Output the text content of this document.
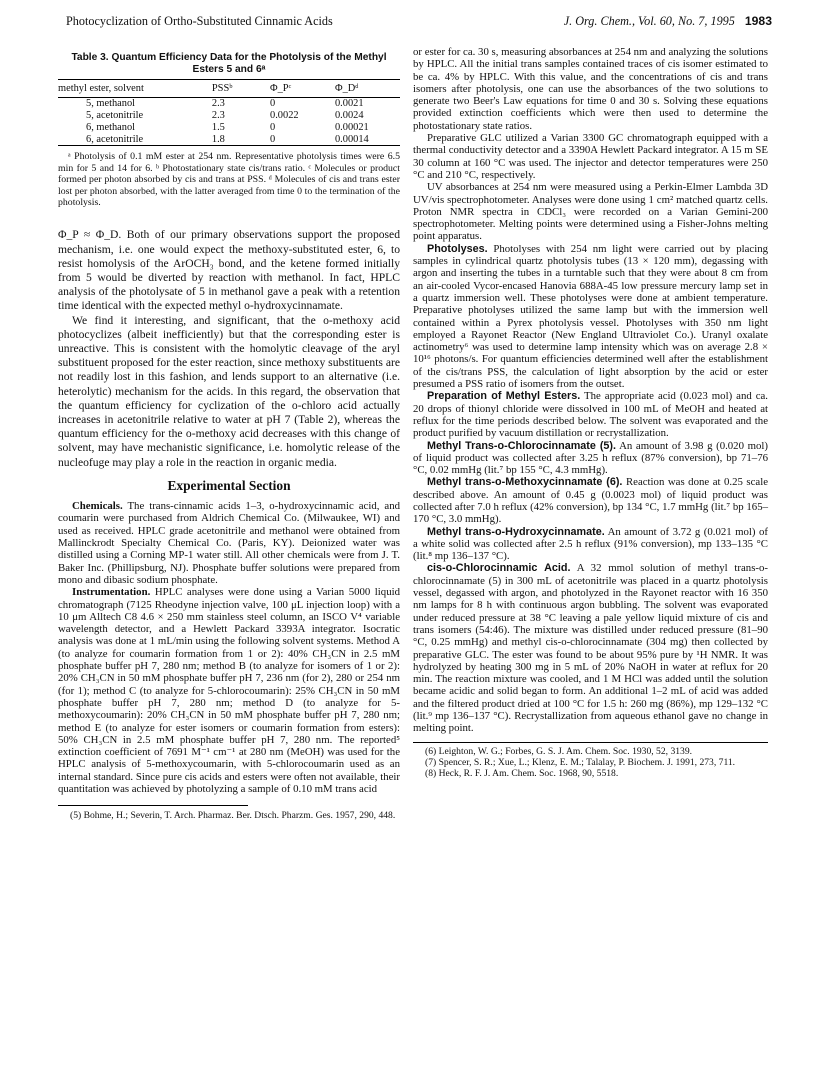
Photocyclization of Ortho-Substituted Cinnamic Acids	J. Org. Chem., Vol. 60, No. 7, 1995 1983
Table 3. Quantum Efficiency Data for the Photolysis of the Methyl Esters 5 and 6ᵃ
methyl ester, solvent	PSSᵇ	Φ_Pᶜ	Φ_Dᵈ
5, methanol	2.3	0	0.0021
5, acetonitrile	2.3	0.0022	0.0024
6, methanol	1.5	0	0.00021
6, acetonitrile	1.8	0	0.00014

ᵃ Photolysis of 0.1 mM ester at 254 nm. Representative photolysis times were 6.5 min for 5 and 14 for 6. ᵇ Photostationary state cis/trans ratio. ᶜ Molecules or product formed per photon absorbed by cis and trans at PSS. ᵈ Molecules of cis and trans ester lost per photon absorbed, with the latter averaged from time 0 to the termination of the photolysis.

Φ_P ≈ Φ_D. Both of our primary observations support the proposed mechanism, i.e. one would expect the methoxy-substituted ester, 6, to resist homolysis of the ArOCH₃ bond, and the ketene formed initially from 5 would be diverted by reaction with methanol. In fact, HPLC analysis of the photolysate of 5 in methanol gave a peak with a retention time identical with the expected methyl o-hydroxycinnamate.

We find it interesting, and significant, that the o-methoxy acid photocyclizes (albeit inefficiently) but that the corresponding ester is unreactive. This is consistent with the homolytic cleavage of the aryl substituent proposed for the ester reaction, since methoxy substituents are not readily lost in this fashion, and lends support to an alternative (i.e. heterolytic) mechanism for the acids. In this regard, the observation that the quantum efficiency for cyclization of the o-chloro acid actually increases in acetonitrile relative to water at pH 7 (Table 2), whereas the quantum efficiency for the o-methoxy acid decreases with this change of solvent, may have mechanistic significance, i.e. homolytic release of the nucleofuge may play a role in the reaction in organic media.

Experimental Section

Chemicals. The trans-cinnamic acids 1–3, o-hydroxycinnamic acid, and coumarin were purchased from Aldrich Chemical Co. (Milwaukee, WI) and used as received. HPLC grade acetonitrile and methanol were obtained from Mallinckrodt Specialty Chemical Co. (Paris, KY). Deionized water was distilled using a Corning MP-1 water still. All other chemicals were from J. T. Baker Inc. (Phillipsburg, NJ). Phosphate buffer solutions were prepared from mono and dibasic sodium phosphate.

Instrumentation. HPLC analyses were done using a Varian 5000 liquid chromatograph (7125 Rheodyne injection valve, 100 μL injection loop) with a 10 μm Alltech C8 4.6 × 250 mm stainless steel column, an ISCO V⁴ variable wavelength detector, and a Hewlett Packard 3393A integrator. Isocratic analysis was done at 1 mL/min using the following solvent systems. Method A (to analyze for coumarin formation from 1 or 2): 40% CH₃CN in 2.5 mM phosphate buffer pH 7, 280 nm; method B (to analyze for isomers of 1 or 2): 20% CH₃CN in 50 mM phosphate buffer pH 7, 236 nm (for 2), 280 or 254 nm (for 1); method C (to analyze for 5-chlorocoumarin): 25% CH₃CN in 50 mM phosphate buffer pH 7, 280 nm; method D (to analyze for 5-methoxycoumarin): 20% CH₃CN in 50 mM phosphate buffer pH 7, 280 nm; method E (to analyze for ester isomers or coumarin formation from esters): 50% CH₃CN in 2.5 mM phosphate buffer pH 7, 280 nm. The reported⁵ extinction coefficient of 7691 M⁻¹ cm⁻¹ at 280 nm (MeOH) was used for the HPLC analysis of 5-methoxycoumarin, with 5-chlorocoumarin used as an internal standard. Since pure cis acids and esters were often not available, their quantitation was achieved by photolyzing a sample of 0.10 mM trans acid

(5) Bohme, H.; Severin, T. Arch. Pharmaz. Ber. Dtsch. Pharzm. Ges. 1957, 290, 448.

or ester for ca. 30 s, measuring absorbances at 254 nm and analyzing the solutions by HPLC. All the initial trans samples contained traces of cis isomer estimated to be ca. 4% by HPLC. With this value, and the concentrations of cis and trans isomers after photolysis, one can use the absorbances of the two solutions to generate two Beer's Law equations for time 0 and 30 s. Solving these equations provided extinction coefficients which were then used to determine the photostationary state ratios.

Preparative GLC utilized a Varian 3300 GC chromatograph equipped with a thermal conductivity detector and a 3390A Hewlett Packard integrator. A 15 m SE 30 column at 160 °C was used. The injector and detector temperatures were 250 °C and 210 °C, respectively.

UV absorbances at 254 nm were measured using a Perkin-Elmer Lambda 3D UV/vis spectrophotometer. Analyses were done using 1 cm² matched quartz cells. Proton NMR spectra in CDCl₃ were recorded on a Varian Gemini-200 spectrophotometer. Melting points were determined using a Fisher-Johns melting point apparatus.

Photolyses. Photolyses with 254 nm light were carried out by placing samples in cylindrical quartz photolysis tubes (13 × 120 mm), degassing with argon and inserting the tubes in a turntable such that they were about 8 cm from an air-cooled Vycor-encased Hanovia 688A-45 low pressure mercury lamp set in a quartz immersion well. These photolyses were done at ambient temperature. Preparative photolyses utilized the same lamp but with the immersion well contained within a Pyrex photolysis vessel. Photolyses with 350 nm light employed a Rayonet Reactor (New England Ultraviolet Co.). Uranyl oxalate actinometry⁶ was used to determine lamp intensity which was on average 2.8 × 10¹⁶ photons/s. For quantum efficiencies determined well after the establishment of the cis/trans PSS, the calculation of light absorption by the acid or ester presumed a PSS ratio of isomers from the outset.

Preparation of Methyl Esters. The appropriate acid (0.023 mol) and ca. 20 drops of thionyl chloride were dissolved in 100 mL of MeOH and heated at reflux for the time periods described below. The solvent was evaporated and the product purified by vacuum distillation or recrystallization.

Methyl Trans-o-Chlorocinnamate (5). An amount of 3.98 g (0.020 mol) of liquid product was collected after 3.25 h reflux (87% conversion), bp 71–76 °C, 0.02 mmHg (lit.⁷ bp 155 °C, 4.3 mmHg).

Methyl trans-o-Methoxycinnamate (6). Reaction was done at 0.25 scale described above. An amount of 0.45 g (0.0023 mol) of liquid product was collected after 7.0 h reflux (42% conversion), bp 134 °C, 1.7 mmHg (lit.⁷ bp 165–170 °C, 3.0 mmHg).

Methyl trans-o-Hydroxycinnamate. An amount of 3.72 g (0.021 mol) of a white solid was collected after 2.5 h reflux (91% conversion), mp 133–135 °C (lit.⁸ mp 136–137 °C).

cis-o-Chlorocinnamic Acid. A 32 mmol solution of methyl trans-o-chlorocinnamate (5) in 300 mL of acetonitrile was placed in a quartz photolysis vessel, degassed with argon, and photolyzed in the Rayonet reactor with 16 350 nm lamps for 8 h with continuous argon bubbling. The solvent was evaporated under reduced pressure at 38 °C leaving a pale yellow liquid mixture of cis and trans isomers (54:46). The mixture was distilled under reduced pressure (81–90 °C, 0.25 mmHg) and methyl cis-o-chlorocinnamate (304 mg) then collected by preparative GLC. The ester was found to be about 95% pure by ¹H NMR. It was hydrolyzed by heating 300 mg in 5 mL of 20% NaOH in water at reflux for 20 min. The reaction mixture was cooled, and 1 M HCl was added until the solution became acidic and solid began to form. An additional 1–2 mL of acid was added and the filtered product dried at 100 °C for 1.5 h: 260 mg (86%), mp 129–132 °C (lit.⁹ mp 136–137 °C). Recrystallization from aqueous ethanol gave no change in melting point.

(6) Leighton, W. G.; Forbes, G. S. J. Am. Chem. Soc. 1930, 52, 3139.

(7) Spencer, S. R.; Xue, L.; Klenz, E. M.; Talalay, P. Biochem. J. 1991, 273, 711.

(8) Heck, R. F. J. Am. Chem. Soc. 1968, 90, 5518.
